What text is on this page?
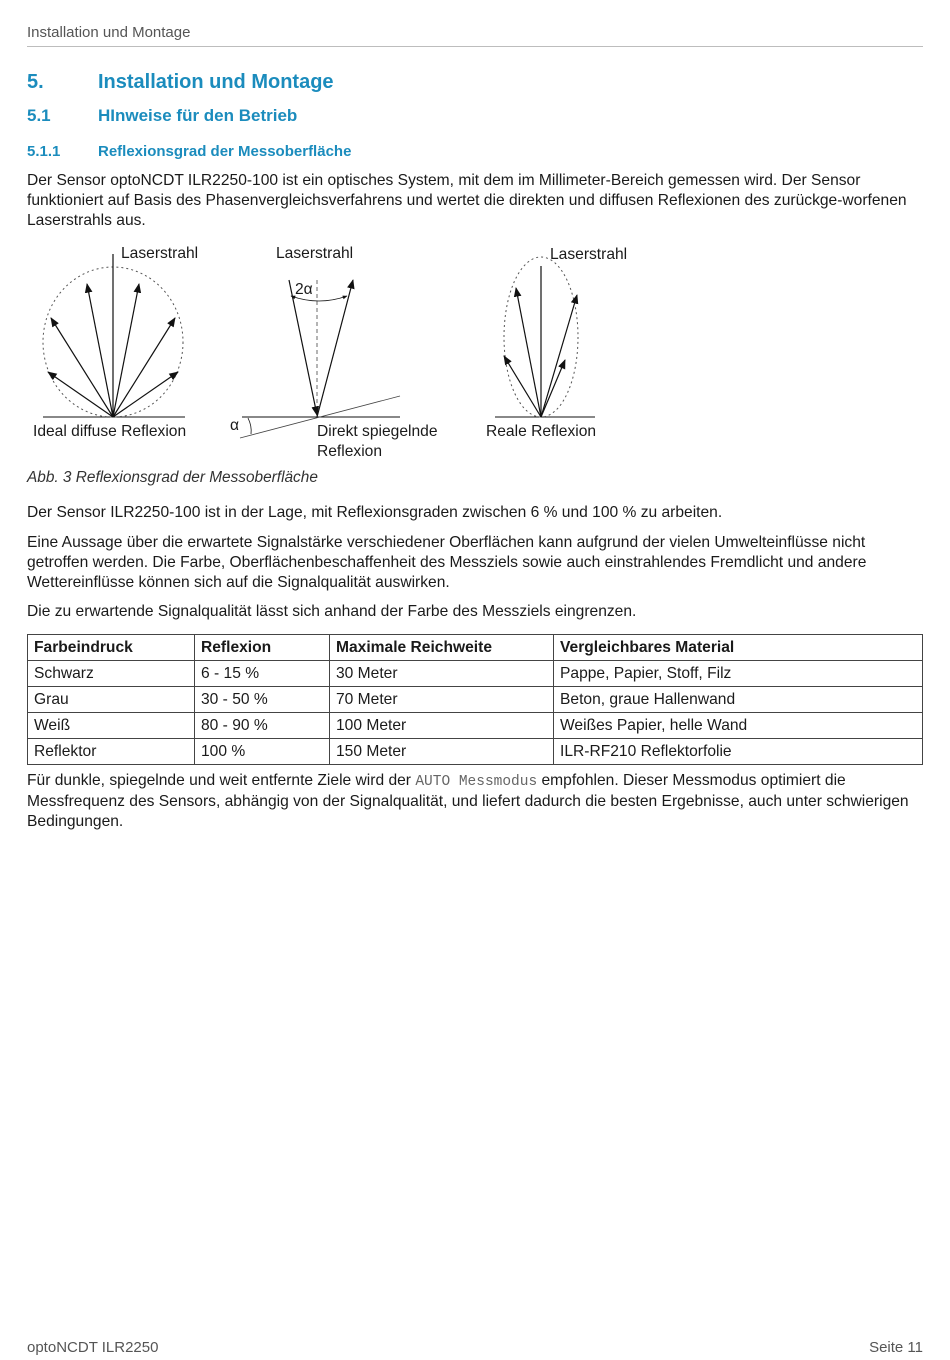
Installation und Montage
5.	Installation und Montage
5.1	HInweise für den Betrieb
5.1.1	Reflexionsgrad der Messoberfläche

Der Sensor optoNCDT ILR2250-100 ist ein optisches System, mit dem im Millimeter-Bereich gemessen wird. Der Sensor funktioniert auf Basis des Phasenvergleichsverfahrens und wertet die direkten und diffusen Reflexionen des zurückge-worfenen Laserstrahls aus.

Laserstrahl	Laserstrahl	Laserstrahl
2α
α
Ideal diffuse Reflexion	Direkt spiegelnde
Reflexion
Reale Reflexion
Abb. 3 Reflexionsgrad der Messoberfläche

Der Sensor ILR2250-100 ist in der Lage, mit Reflexionsgraden zwischen 6 % und 100 % zu arbeiten.

Eine Aussage über die erwartete Signalstärke verschiedener Oberflächen kann aufgrund der vielen Umwelteinflüsse nicht getroffen werden. Die Farbe, Oberflächenbeschaffenheit des Messziels sowie auch einstrahlendes Fremdlicht und andere Wettereinflüsse können sich auf die Signalqualität auswirken.

Die zu erwartende Signalqualität lässt sich anhand der Farbe des Messziels eingrenzen.

Farbeindruck	Reflexion	Maximale Reichweite	Vergleichbares Material
Schwarz	6 - 15 %	30 Meter	Pappe, Papier, Stoff, Filz
Grau	30 - 50 %	70 Meter	Beton, graue Hallenwand
Weiß	80 - 90 %	100 Meter	Weißes Papier, helle Wand
Reflektor	100 %	150 Meter	ILR-RF210 Reflektorfolie

Für dunkle, spiegelnde und weit entfernte Ziele wird der AUTO Messmodus empfohlen. Dieser Messmodus optimiert die Messfrequenz des Sensors, abhängig von der Signalqualität, und liefert dadurch die besten Ergebnisse, auch unter schwierigen Bedingungen.

optoNCDT ILR2250	Seite 11
